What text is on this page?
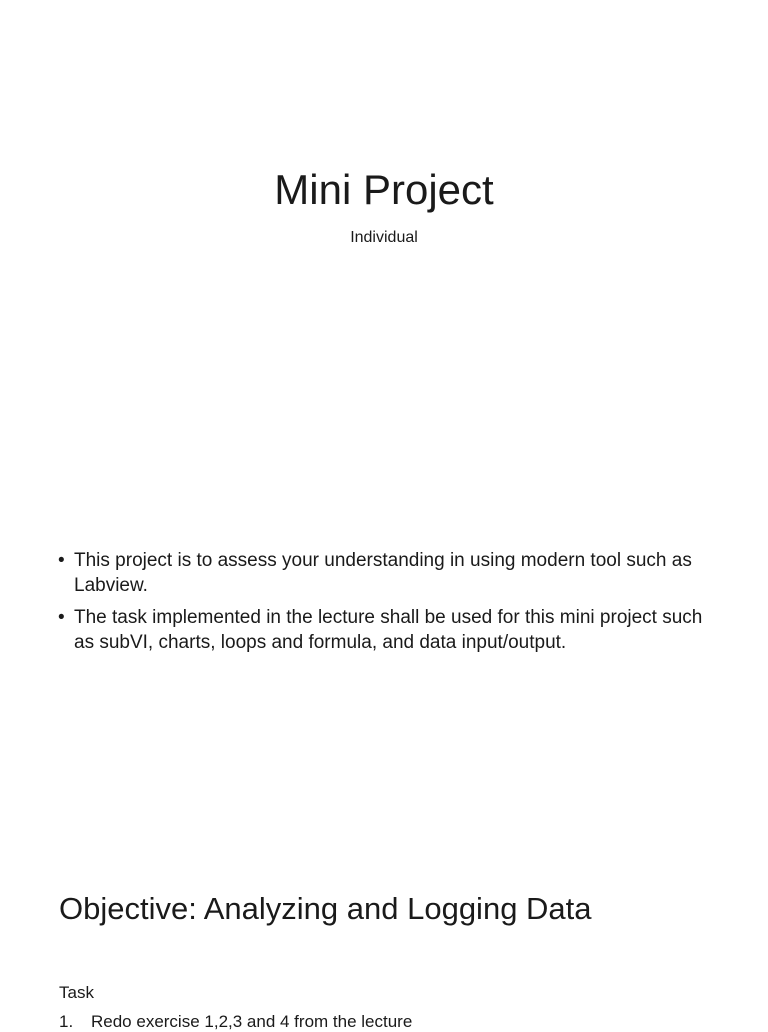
Mini Project

Individual

• This project is to assess your understanding in using modern tool such as Labview.
• The task implemented in the lecture shall be used for this mini project such as subVI, charts, loops and formula, and data input/output.
Objective: Analyzing and Logging Data

Task

1. Redo exercise 1,2,3 and 4 from the lecture
